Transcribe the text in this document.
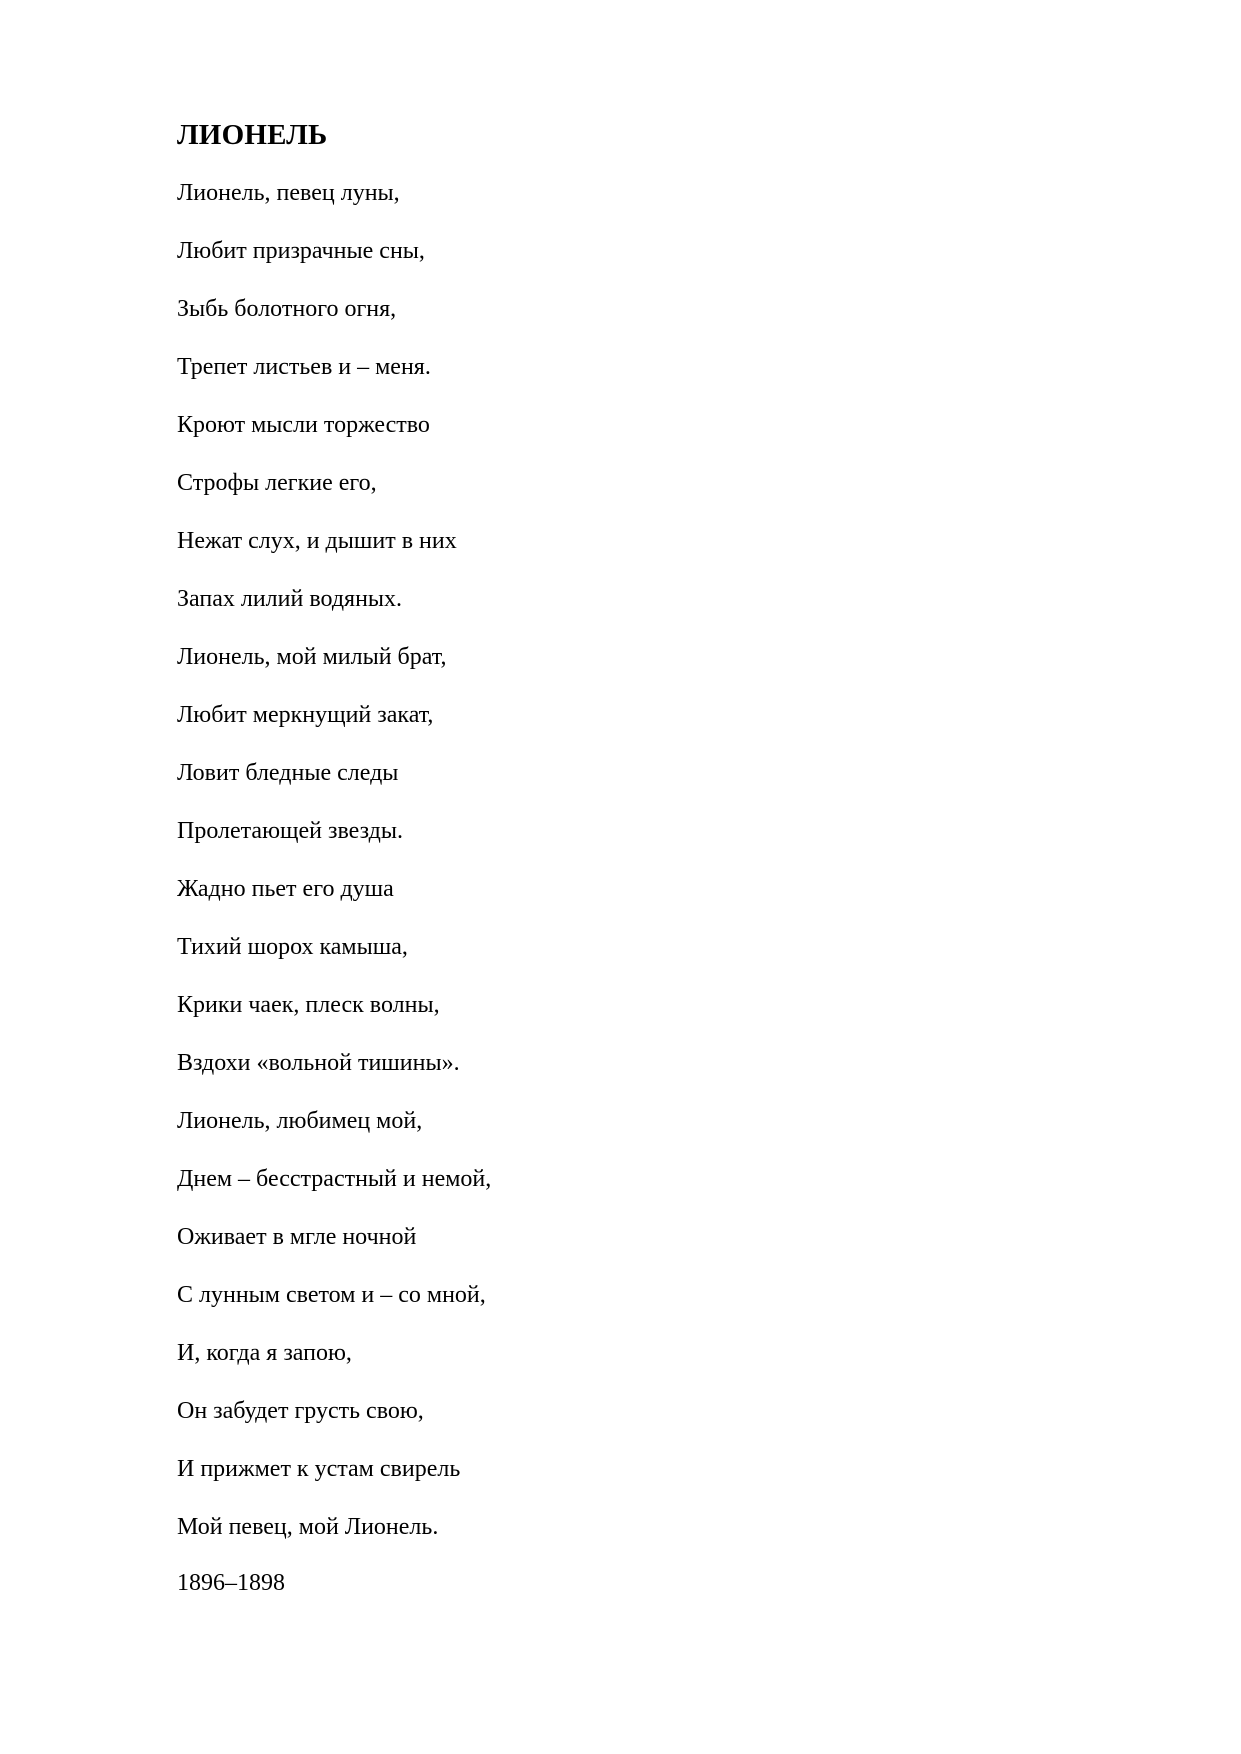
ЛИОНЕЛЬ
Лионель, певец луны,
Любит призрачные сны,
Зыбь болотного огня,
Трепет листьев и – меня.
Кроют мысли торжество
Строфы легкие его,
Нежат слух, и дышит в них
Запах лилий водяных.
Лионель, мой милый брат,
Любит меркнущий закат,
Ловит бледные следы
Пролетающей звезды.
Жадно пьет его душа
Тихий шорох камыша,
Крики чаек, плеск волны,
Вздохи «вольной тишины».
Лионель, любимец мой,
Днем – бесстрастный и немой,
Оживает в мгле ночной
С лунным светом и – со мной,
И, когда я запою,
Он забудет грусть свою,
И прижмет к устам свирель
Мой певец, мой Лионель.

1896–1898
